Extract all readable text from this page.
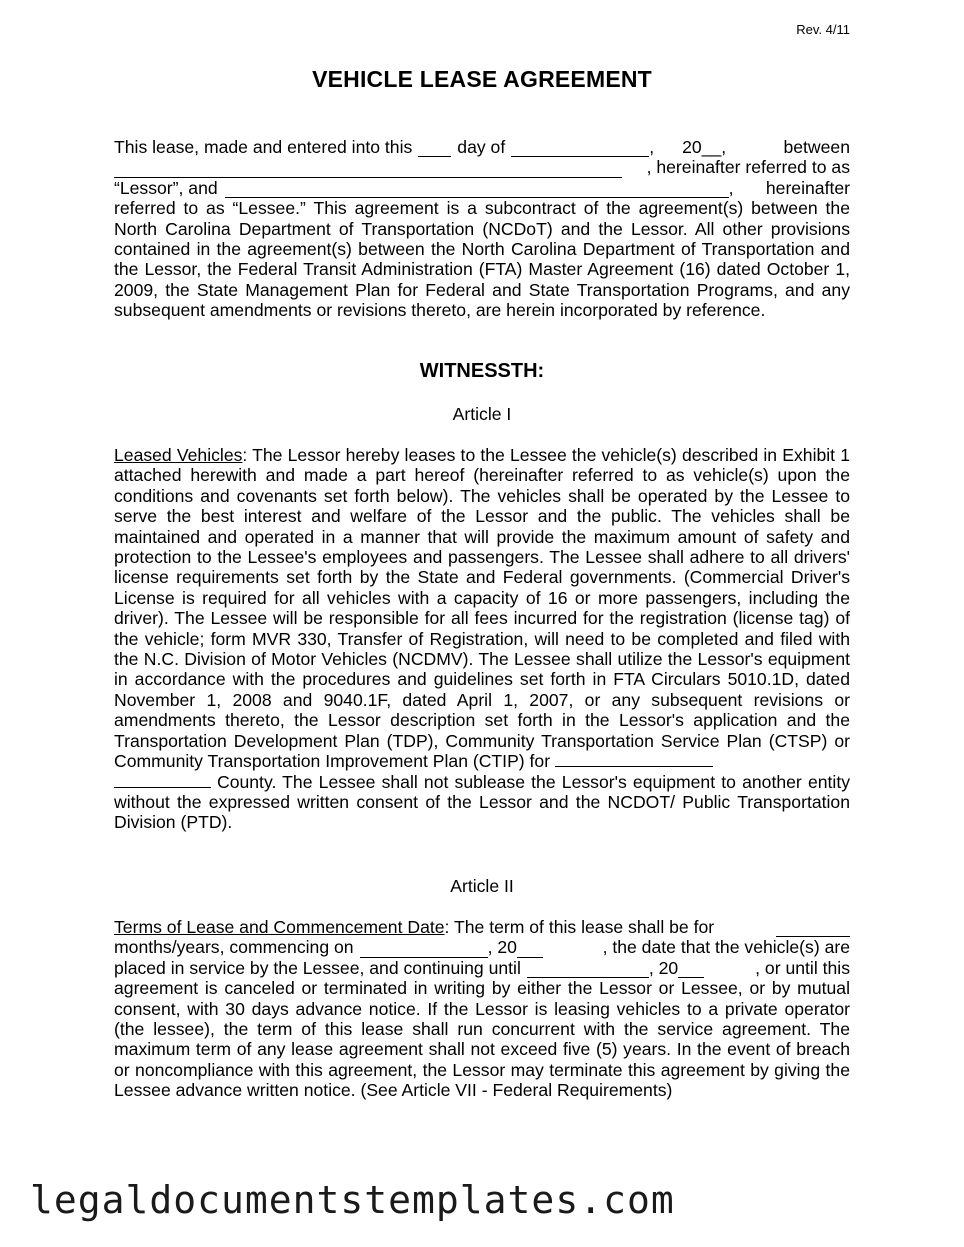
Rev. 4/11
VEHICLE LEASE AGREEMENT
This lease, made and entered into this	day of	, 20__,	between
, hereinafter referred to as
“Lessor”, and	, hereinafter
referred to as “Lessee.” This agreement is a subcontract of the agreement(s) between the North Carolina Department of Transportation (NCDoT) and the Lessor. All other provisions contained in the agreement(s) between the North Carolina Department of Transportation and the Lessor, the Federal Transit Administration (FTA) Master Agreement (16) dated October 1, 2009, the State Management Plan for Federal and State Transportation Programs, and any subsequent amendments or revisions thereto, are herein incorporated by reference.
WITNESSTH:
Article I
Leased Vehicles: The Lessor hereby leases to the Lessee the vehicle(s) described in Exhibit 1 attached herewith and made a part hereof (hereinafter referred to as vehicle(s) upon the conditions and covenants set forth below). The vehicles shall be operated by the Lessee to serve the best interest and welfare of the Lessor and the public. The vehicles shall be maintained and operated in a manner that will provide the maximum amount of safety and protection to the Lessee's employees and passengers. The Lessee shall adhere to all drivers' license requirements set forth by the State and Federal governments. (Commercial Driver's License is required for all vehicles with a capacity of 16 or more passengers, including the driver). The Lessee will be responsible for all fees incurred for the registration (license tag) of the vehicle; form MVR 330, Transfer of Registration, will need to be completed and filed with the N.C. Division of Motor Vehicles (NCDMV). The Lessee shall utilize the Lessor's equipment in accordance with the procedures and guidelines set forth in FTA Circulars 5010.1D, dated November 1, 2008 and 9040.1F, dated April 1, 2007, or any subsequent revisions or amendments thereto, the Lessor description set forth in the Lessor's application and the Transportation Development Plan (TDP), Community Transportation Service Plan (CTSP) or Community Transportation Improvement Plan (CTIP) for
County. The Lessee shall not sublease the Lessor's equipment to another entity without the expressed written consent of the Lessor and the NCDOT/ Public Transportation Division (PTD).
Article II
Terms of Lease and Commencement Date : The term of this lease shall be for
months/years, commencing on	, 20	, the date that the vehicle(s) are
placed in service by the Lessee, and continuing until	, 20	, or until this
agreement is canceled or terminated in writing by either the Lessor or Lessee, or by mutual consent, with 30 days advance notice. If the Lessor is leasing vehicles to a private operator (the lessee), the term of this lease shall run concurrent with the service agreement. The maximum term of any lease agreement shall not exceed five (5) years. In the event of breach or noncompliance with this agreement, the Lessor may terminate this agreement by giving the Lessee advance written notice. (See Article VII - Federal Requirements)
legaldocumentstemplates.com
